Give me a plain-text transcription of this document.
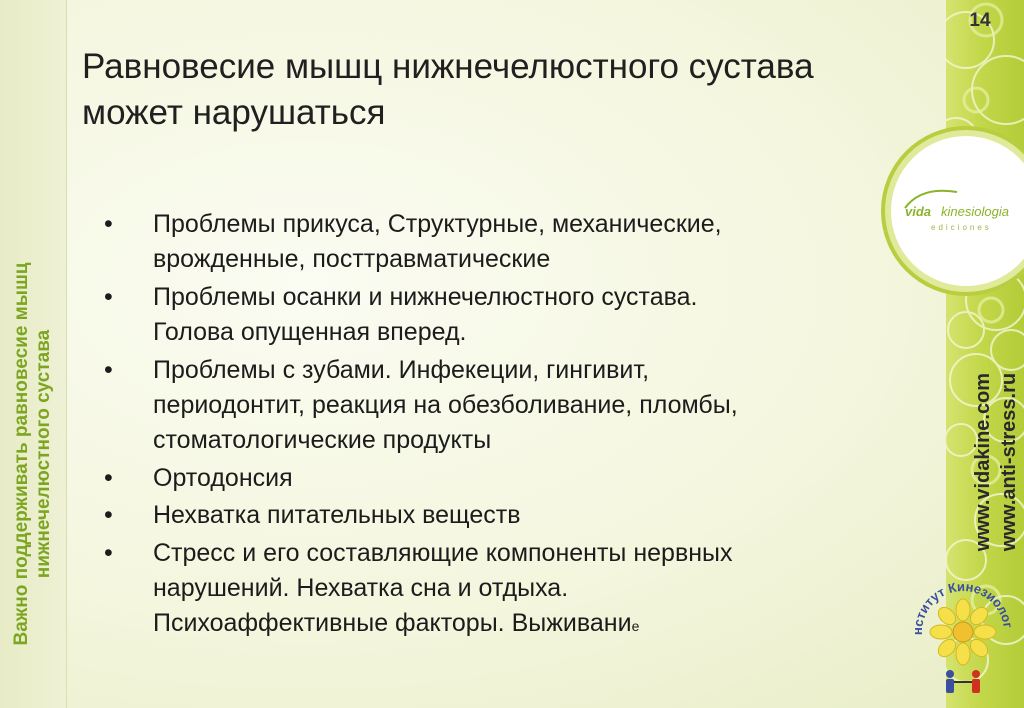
Важно поддерживать равновесие мышц нижнечелюстного сустава
14
Равновесие мышц нижнечелюстного сустава
может нарушаться
• Проблемы прикуса, Структурные, механические,
врожденные, посттравматические
• Проблемы осанки и нижнечелюстного сустава.
Голова опущенная вперед.
• Проблемы с зубами. Инфекеции, гингивит,
периодонтит, реакция на обезболивание, пломбы,
стоматологические продукты
• Ортодонсия
• Нехватка питательных веществ
• Стресс и его составляющие компоненты нервных
нарушений. Нехватка сна и отдыха.
Психоаффективные факторы. Выживание
vida kinesiologia
ediciones
www.vidakine.com www.anti-stress.ru
нститут Кинезиолог
